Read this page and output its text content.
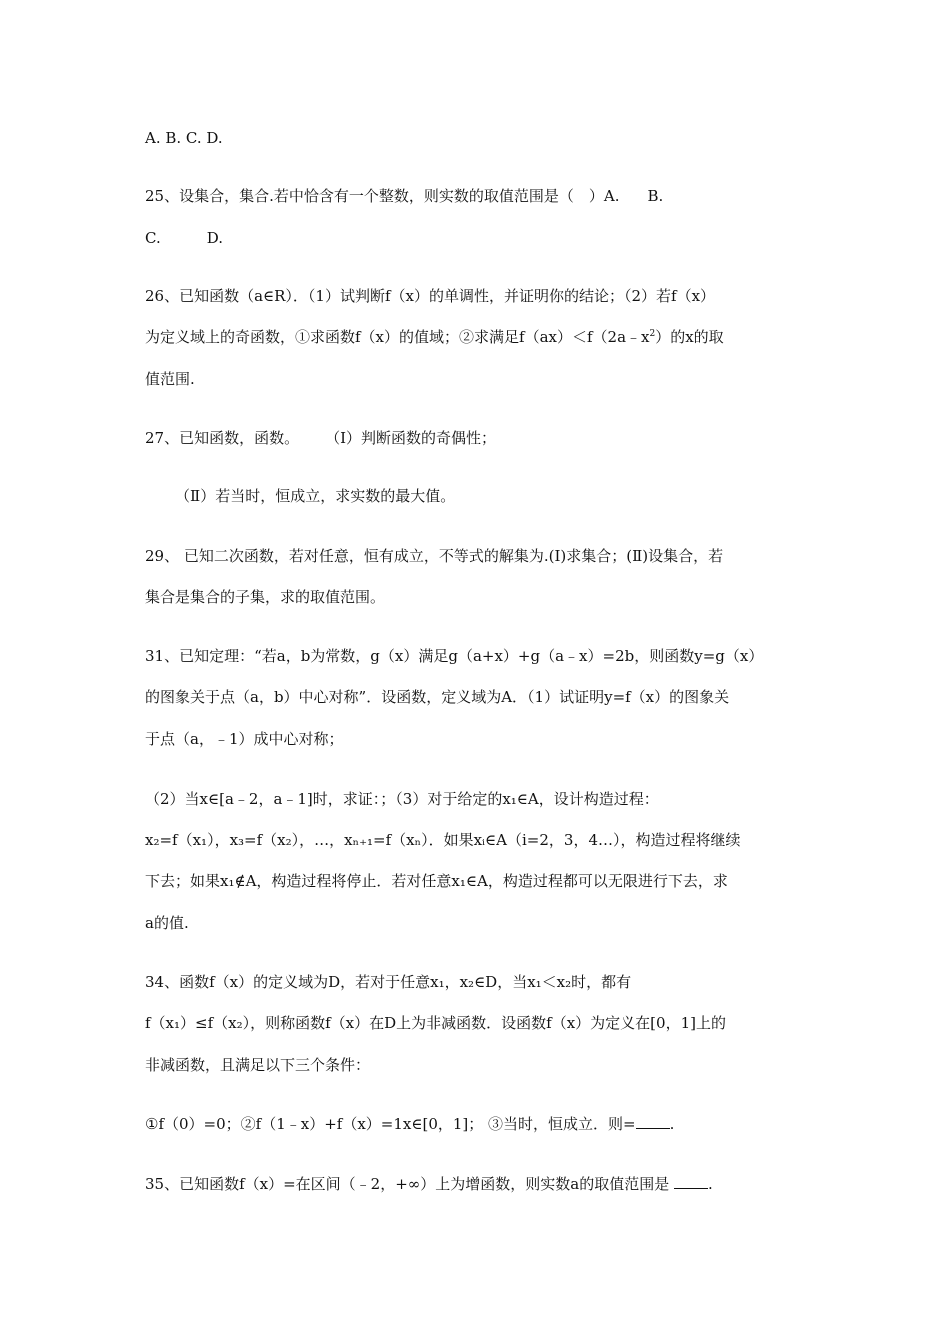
A. B. C. D.
25、设集合，集合.若中恰含有一个整数，则实数的取值范围是（　）A. B.
C.	D.
26、已知函数（a∈R）．（1）试判断f（x）的单调性，并证明你的结论；（2）若f（x）
为定义域上的奇函数，①求函数f（x）的值域；②求满足$f(ax)<f(2a﹣x^2)$的x的取
值范围.
27、已知函数，函数。 （Ⅰ）判断函数的奇偶性；
（Ⅱ）若当时，恒成立，求实数的最大值。
29、 已知二次函数，若对任意，恒有成立，不等式的解集为.(Ⅰ)求集合；(Ⅱ)设集合，若
集合是集合的子集，求的取值范围。
31、已知定理：“若a，b为常数，g（x）满足g（a+x）+g（a﹣x）=2b，则函数y=g（x）
的图象关于点（a，b）中心对称”．设函数，定义域为A．（1）试证明y=f（x）的图象关
于点（a，﹣1）成中心对称；
（2）当x∈[a﹣2，a﹣1]时，求证：；（3）对于给定的x₁∈A，设计构造过程：
x₂=f（x₁），x₃=f（x₂），…，xₙ₊₁=f（xₙ）．如果xᵢ∈A（i=2，3，4…），构造过程将继续
下去；如果x₁∉A，构造过程将停止．若对任意x₁∈A，构造过程都可以无限进行下去，求
a的值.
34、函数f（x）的定义域为D，若对于任意x₁，x₂∈D，当x₁＜x₂时，都有
f（x₁）≤f（x₂），则称函数f（x）在D上为非减函数．设函数f（x）为定义在[0，1]上的
非减函数，且满足以下三个条件：
①f（0）=0；②f（1﹣x）+f（x）=1x∈[0，1]； ③当时，恒成立．则= .
35、已知函数f（x）=在区间（﹣2，+∞）上为增函数，则实数a的取值范围是 .
